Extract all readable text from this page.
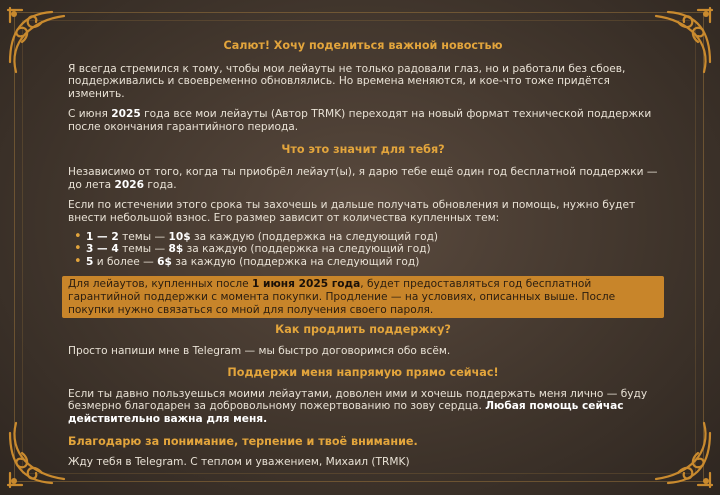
Салют! Хочу поделиться важной новостью

Я всегда стремился к тому, чтобы мои лейауты не только радовали глаз, но и работали без сбоев, поддерживались и своевременно обновлялись. Но времена меняются, и кое-что тоже придётся изменить.

С июня 2025 года все мои лейауты (Автор TRMK) переходят на новый формат технической поддержки после окончания гарантийного периода.

Что это значит для тебя?

Независимо от того, когда ты приобрёл лейаут(ы), я дарю тебе ещё один год бесплатной поддержки — до лета 2026 года.

Если по истечении этого срока ты захочешь и дальше получать обновления и помощь, нужно будет внести небольшой взнос. Его размер зависит от количества купленных тем:

• 1 — 2 темы — 10$ за каждую (поддержка на следующий год)
• 3 — 4 темы — 8$ за каждую (поддержка на следующий год)
• 5 и более — 6$ за каждую (поддержка на следующий год)

Для лейаутов, купленных после 1 июня 2025 года, будет предоставляться год бесплатной гарантийной поддержки с момента покупки. Продление — на условиях, описанных выше. После покупки нужно связаться со мной для получения своего пароля.

Как продлить поддержку?

Просто напиши мне в Telegram — мы быстро договоримся обо всём.

Поддержи меня напрямую прямо сейчас!

Если ты давно пользуешься моими лейаутами, доволен ими и хочешь поддержать меня лично — буду безмерно благодарен за добровольному пожертвованию по зову сердца. Любая помощь сейчас действительно важна для меня.

Благодарю за понимание, терпение и твоё внимание.

Жду тебя в Telegram. С теплом и уважением, Михаил (TRMK)
